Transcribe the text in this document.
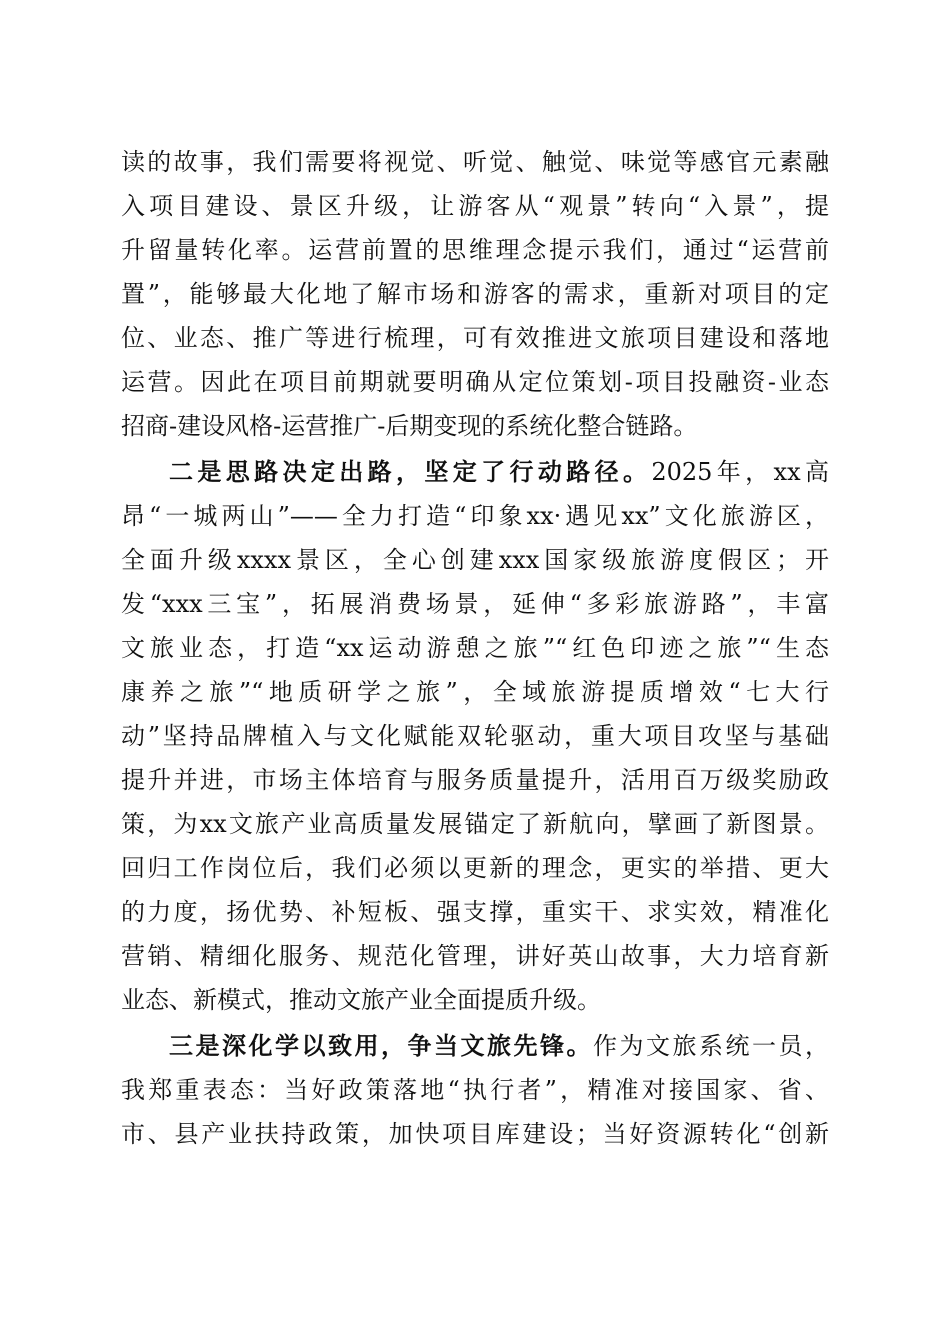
读的故事，我们需要将视觉、听觉、触觉、味觉等感官元素融
入项目建设、景区升级，让游客从“观景”转向“入景”，提
升留量转化率。运营前置的思维理念提示我们，通过“运营前
置”，能够最大化地了解市场和游客的需求，重新对项目的定
位、业态、推广等进行梳理，可有效推进文旅项目建设和落地
运营。因此在项目前期就要明确从定位策划-项目投融资-业态
招商-建设风格-运营推广-后期变现的系统化整合链路。
二是思路决定出路，坚定了行动路径。2025年，xx高
昂“一城两山”——全力打造“印象xx·遇见xx”文化旅游区，
全面升级xxxx景区，全心创建xxx国家级旅游度假区；开
发“xxx三宝”，拓展消费场景，延伸“多彩旅游路”，丰富
文旅业态，打造“xx运动游憩之旅”“红色印迹之旅”“生态
康养之旅”“地质研学之旅”，全域旅游提质增效“七大行
动”坚持品牌植入与文化赋能双轮驱动，重大项目攻坚与基础
提升并进，市场主体培育与服务质量提升，活用百万级奖励政
策，为xx文旅产业高质量发展锚定了新航向，擘画了新图景。
回归工作岗位后，我们必须以更新的理念，更实的举措、更大
的力度，扬优势、补短板、强支撑，重实干、求实效，精准化
营销、精细化服务、规范化管理，讲好英山故事，大力培育新
业态、新模式，推动文旅产业全面提质升级。
三是深化学以致用，争当文旅先锋。作为文旅系统一员，
我郑重表态：当好政策落地“执行者”，精准对接国家、省、
市、县产业扶持政策，加快项目库建设；当好资源转化“创新
